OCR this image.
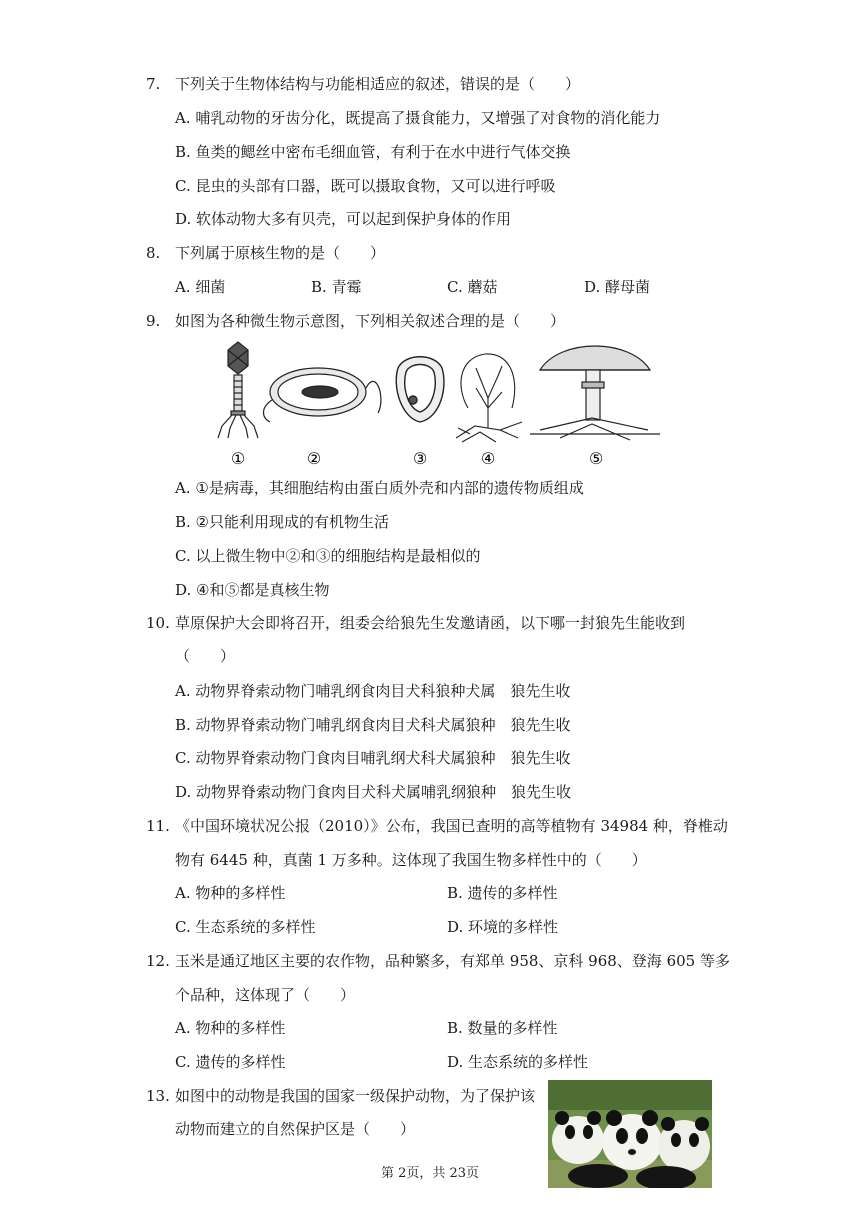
7. 下列关于生物体结构与功能相适应的叙述，错误的是（　　）
A. 哺乳动物的牙齿分化，既提高了摄食能力，又增强了对食物的消化能力
B. 鱼类的鳃丝中密布毛细血管，有利于在水中进行气体交换
C. 昆虫的头部有口器，既可以摄取食物，又可以进行呼吸
D. 软体动物大多有贝壳，可以起到保护身体的作用
8. 下列属于原核生物的是（　　）
A. 细菌	B. 青霉	C. 蘑菇	D. 酵母菌
9. 如图为各种微生物示意图，下列相关叙述合理的是（　　）
①	②	③	④	⑤
A. ①是病毒，其细胞结构由蛋白质外壳和内部的遗传物质组成
B. ②只能利用现成的有机物生活
C. 以上微生物中②和③的细胞结构是最相似的
D. ④和⑤都是真核生物
10. 草原保护大会即将召开，组委会给狼先生发邀请函，以下哪一封狼先生能收到
（　　）
A. 动物界脊索动物门哺乳纲食肉目犬科狼种犬属　狼先生收
B. 动物界脊索动物门哺乳纲食肉目犬科犬属狼种　狼先生收
C. 动物界脊索动物门食肉目哺乳纲犬科犬属狼种　狼先生收
D. 动物界脊索动物门食肉目犬科犬属哺乳纲狼种　狼先生收
11. 《中国环境状况公报（2010）》公布，我国已查明的高等植物有 34984 种，脊椎动
物有 6445 种，真菌 1 万多种。这体现了我国生物多样性中的（　　）
A. 物种的多样性	B. 遗传的多样性
C. 生态系统的多样性	D. 环境的多样性
12. 玉米是通辽地区主要的农作物，品种繁多，有郑单 958、京科 968、登海 605 等多
个品种，这体现了（　　）
A. 物种的多样性	B. 数量的多样性
C. 遗传的多样性	D. 生态系统的多样性
13. 如图中的动物是我国的国家一级保护动物，为了保护该
动物而建立的自然保护区是（　　）
第 2页，共 23页
